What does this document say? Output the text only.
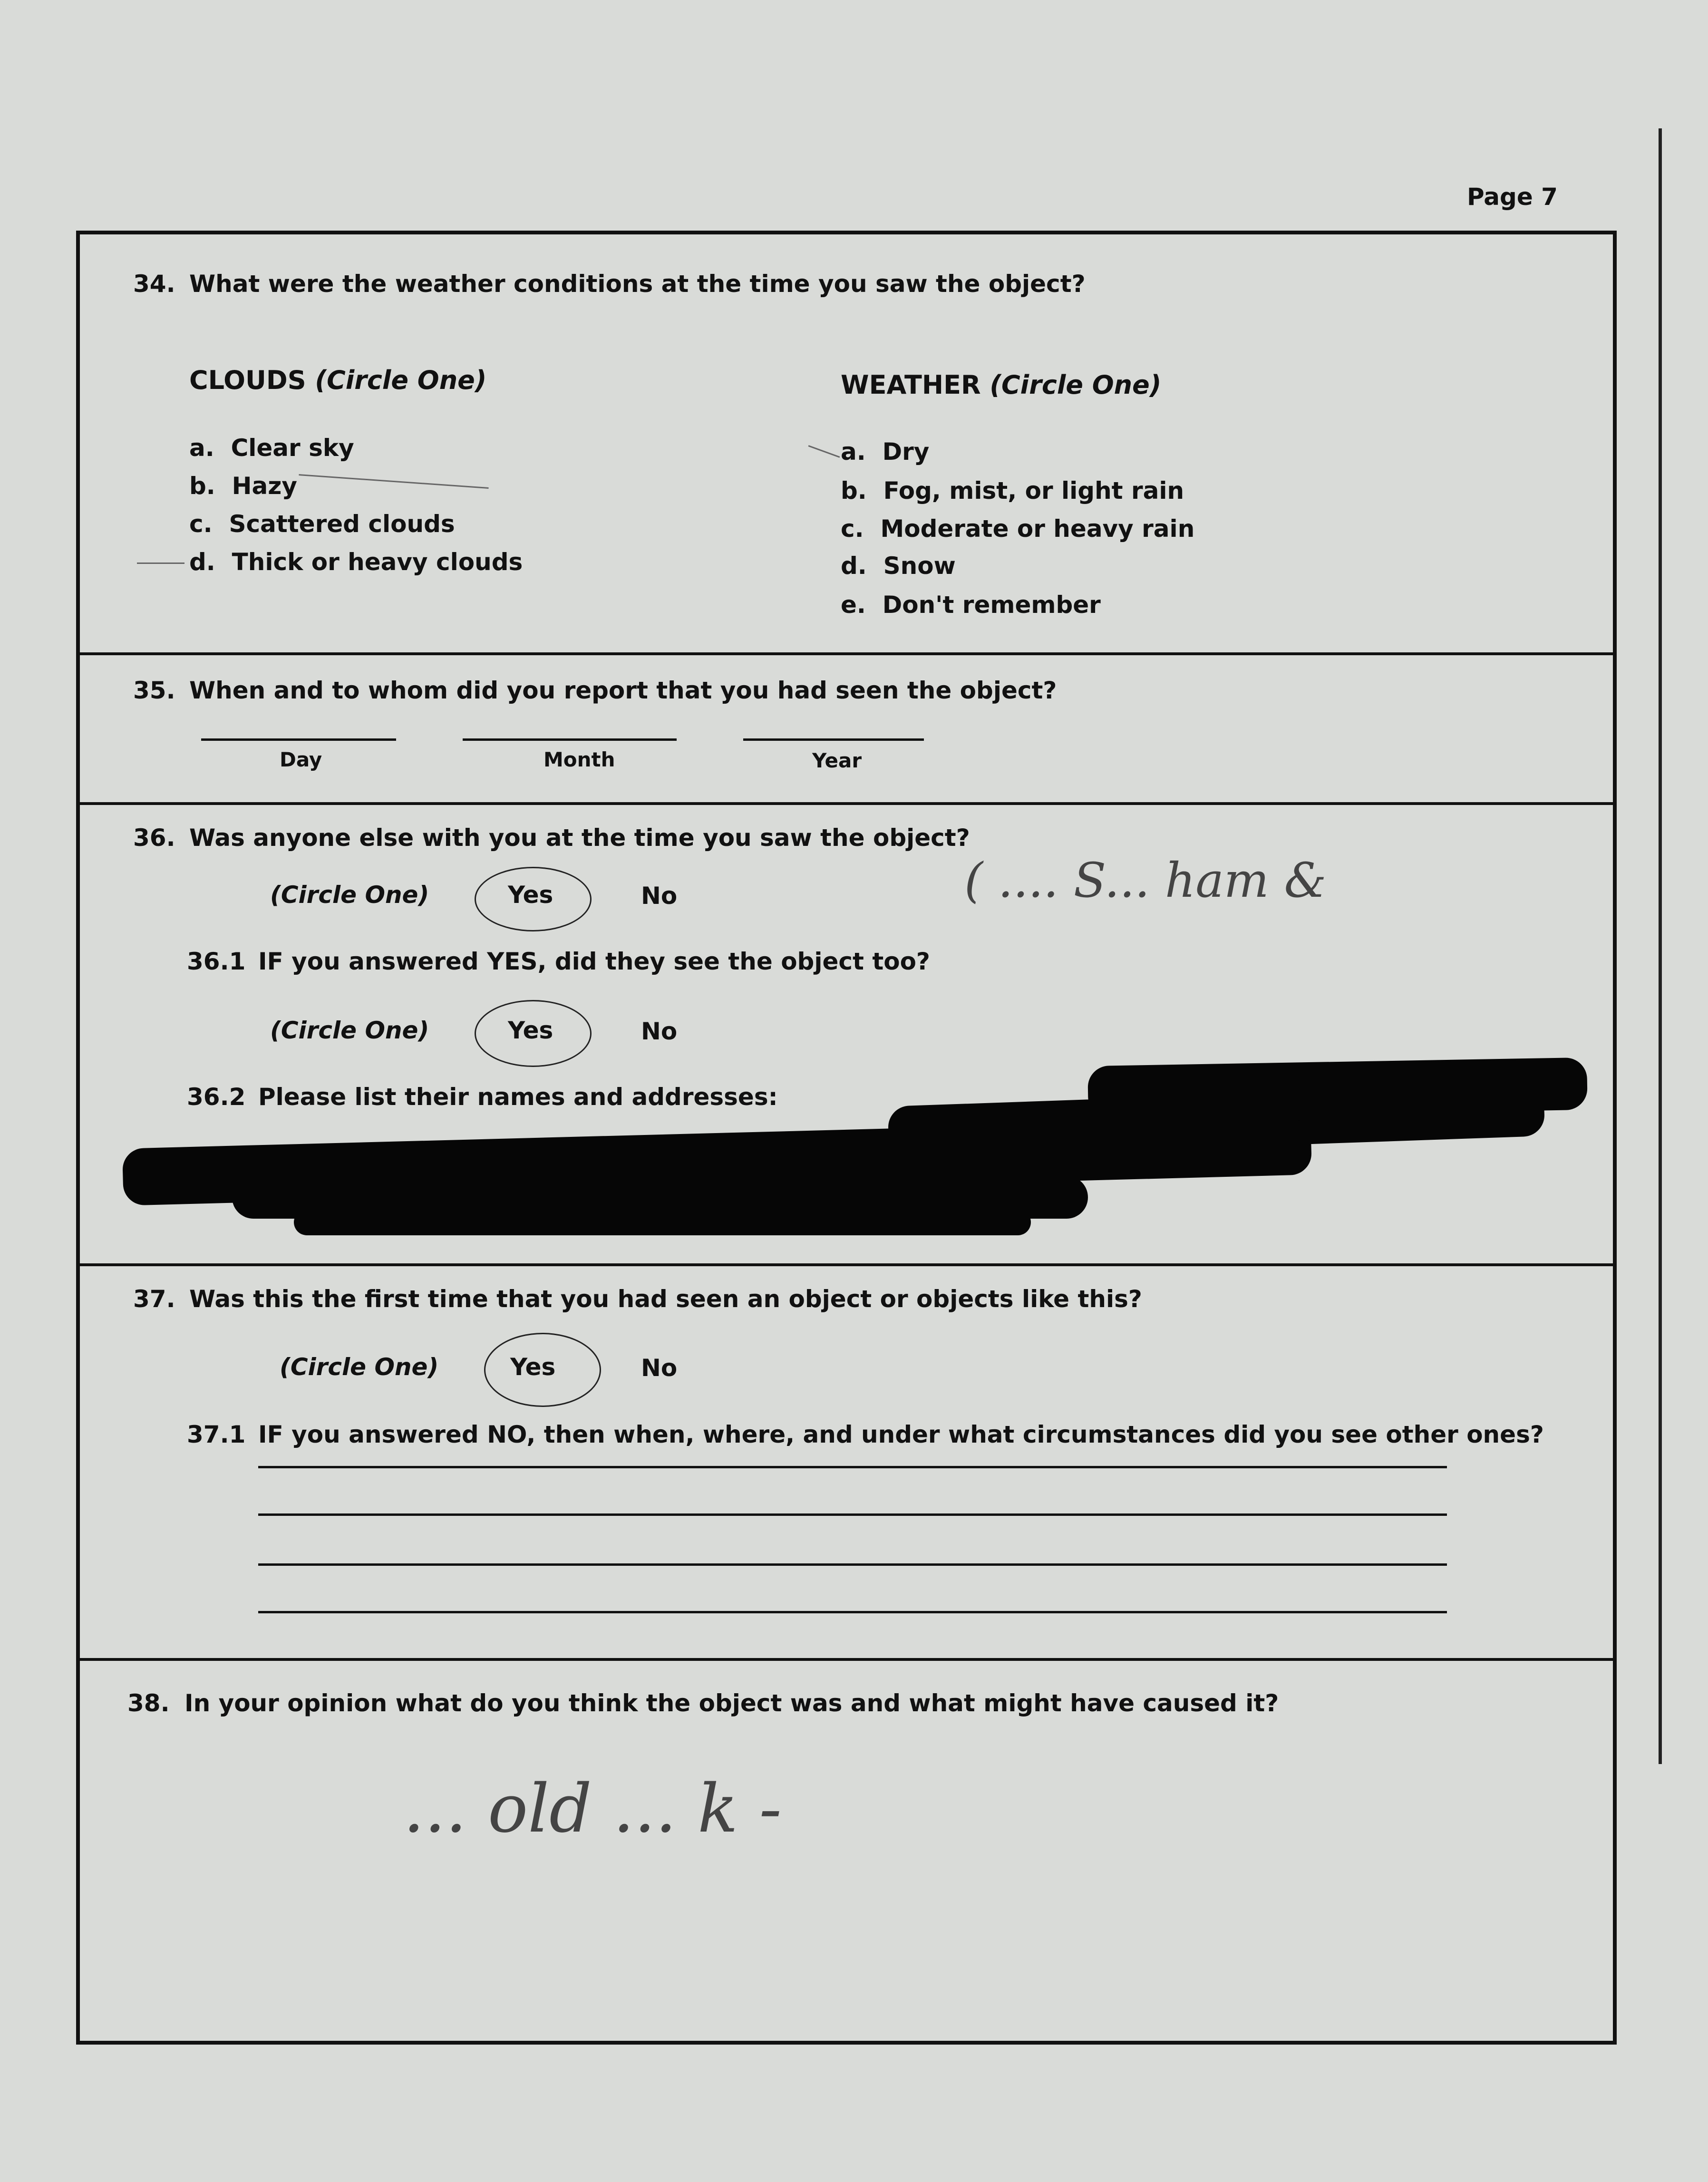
Page 7
34. What were the weather conditions at the time you saw the object?
CLOUDS (Circle One)	WEATHER (Circle One)
a. Clear sky
b. Hazy
c. Scattered clouds
d. Thick or heavy clouds
a. Dry
b. Fog, mist, or light rain
c. Moderate or heavy rain
d. Snow
e. Don't remember
35. When and to whom did you report that you had seen the object?
Day	Month	Year
36. Was anyone else with you at the time you saw the object?
(Circle One)	Yes	No	( .... S... ham &
36.1 IF you answered YES, did they see the object too?
(Circle One)	Yes	No
36.2 Please list their names and addresses:
37. Was this the first time that you had seen an object or objects like this?
(Circle One)	Yes	No
37.1 IF you answered NO, then when, where, and under what circumstances did you see other ones?
38. In your opinion what do you think the object was and what might have caused it?
... old ... k -
